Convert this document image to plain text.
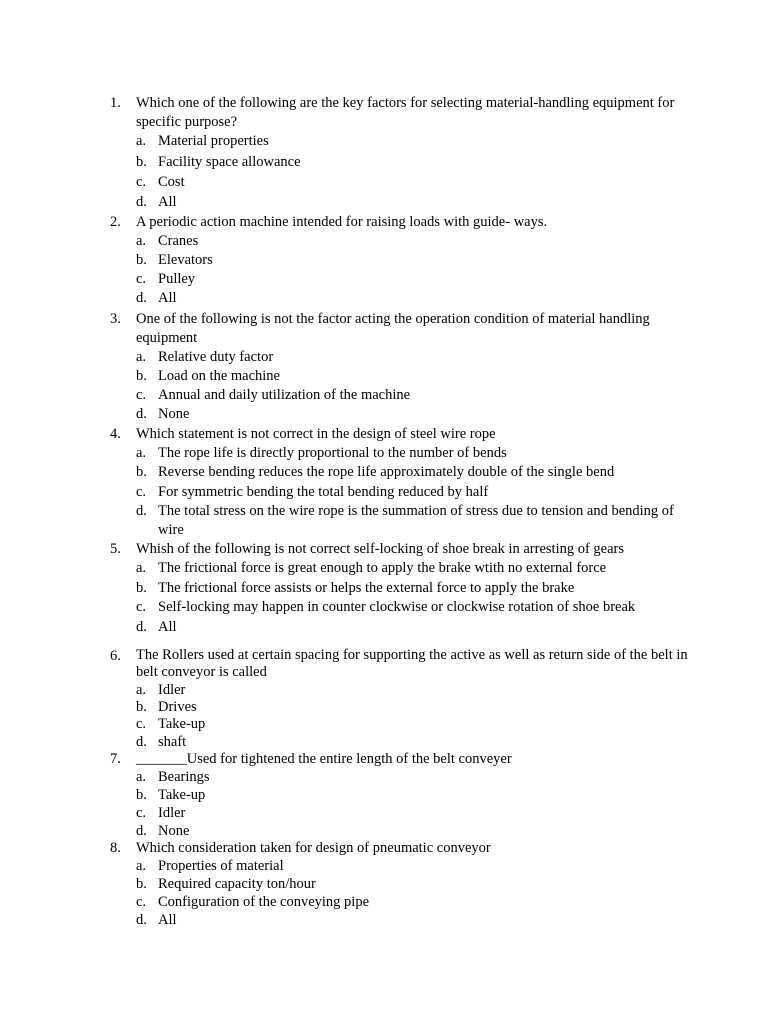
1. Which one of the following are the key factors for selecting material-handling equipment for specific purpose?
a. Material properties
b. Facility space allowance
c. Cost
d. All
2. A periodic action machine intended for raising loads with guide- ways.
a. Cranes
b. Elevators
c. Pulley
d. All
3. One of the following is not the factor acting the operation condition of material handling equipment
a. Relative duty factor
b. Load on the machine
c. Annual and daily utilization of the machine
d. None
4. Which statement is not correct in the design of steel wire rope
a. The rope life is directly proportional to the number of bends
b. Reverse bending reduces the rope life approximately double of the single bend
c. For symmetric bending the total bending reduced by half
d. The total stress on the wire rope is the summation of stress due to tension and bending of wire
5. Whish of the following is not correct self-locking of shoe break in arresting of gears
a. The frictional force is great enough to apply the brake wtith no external force
b. The frictional force assists or helps the external force to apply the brake
c. Self-locking may happen in counter clockwise or clockwise rotation of shoe break
d. All
6. The Rollers used at certain spacing for supporting the active as well as return side of the belt in belt conveyor is called
a. Idler
b. Drives
c. Take-up
d. shaft
7. _______Used for tightened the entire length of the belt conveyer
a. Bearings
b. Take-up
c. Idler
d. None
8. Which consideration taken for design of pneumatic conveyor
a. Properties of material
b. Required capacity ton/hour
c. Configuration of the conveying pipe
d. All
